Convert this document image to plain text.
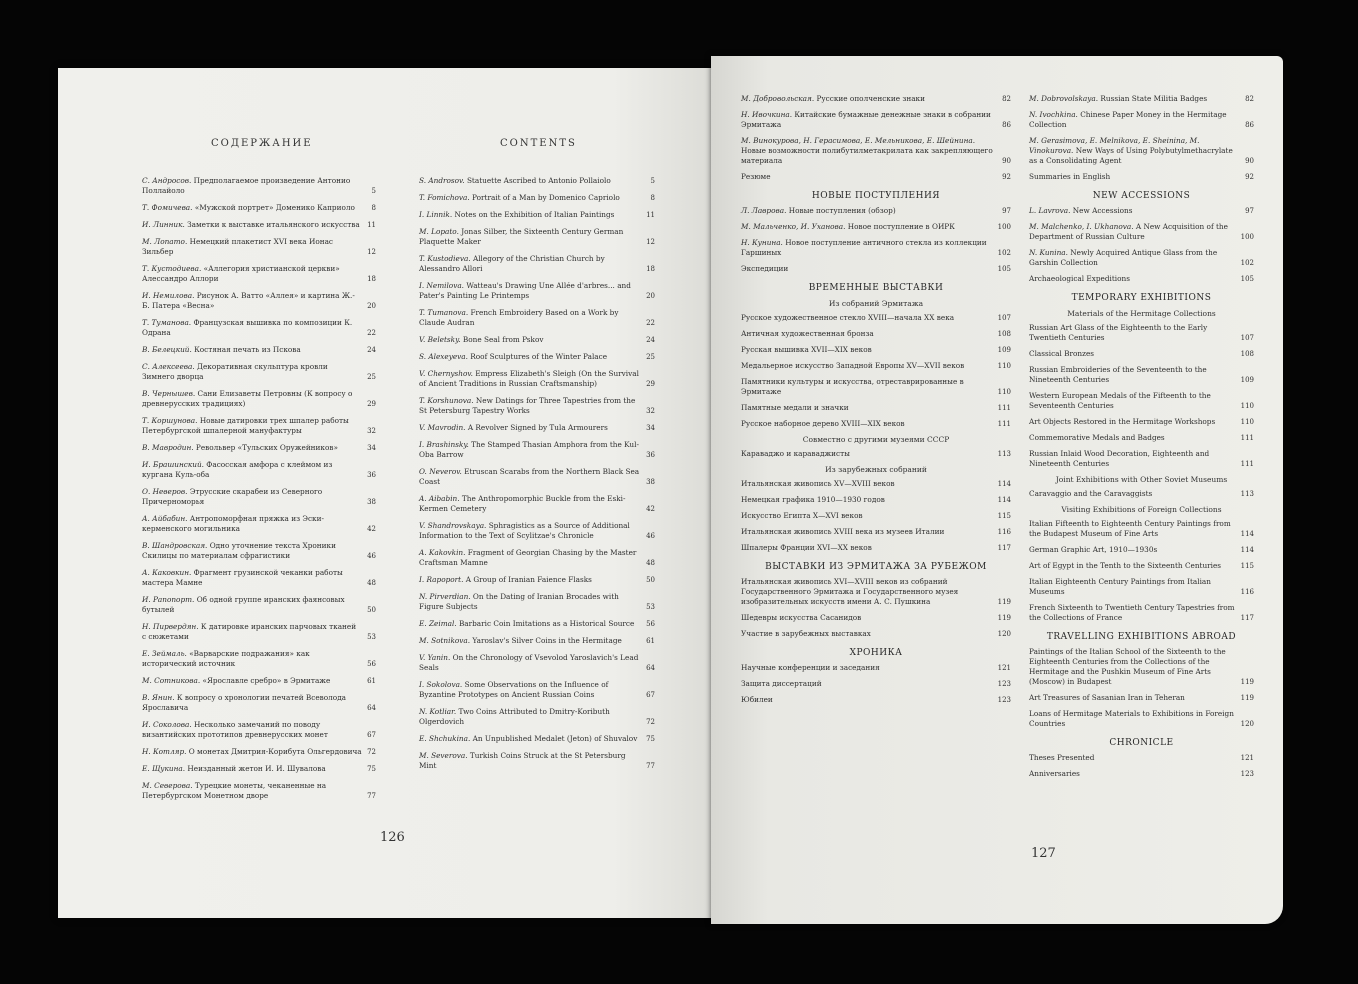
СОДЕРЖАНИЕ	CONTENTS
С. Андросов. Предполагаемое произведение Антонио Поллайоло	5
Т. Фомичева. «Мужской портрет» Доменико Каприоло 8
И. Линник. Заметки к выставке итальянского искусства 11
М. Лопато. Немецкий плакетист XVI века Ионас Зильбер	12
Т. Кустодиева. «Аллегория христианской церкви» Алессандро Аллори	18
И. Немилова. Рисунок А. Ватто «Аллея» и картина Ж.-Б. Патера «Весна»	20
Т. Туманова. Французская вышивка по композиции К. Одрана	22
В. Белецкий. Костяная печать из Пскова	24
С. Алексеева. Декоративная скульптура кровли Зимнего дворца	25
В. Чернышев. Сани Елизаветы Петровны (К вопросу о древнерусских традициях)	29
Т. Коршунова. Новые датировки трех шпалер работы Петербургской шпалерной мануфактуры	32
В. Мавродин. Револьвер «Тульских Оружейников»	34
И. Брашинский. Фасосская амфора с клеймом из кургана Куль-оба	36
О. Неверов. Этрусские скарабеи из Северного Причерноморья	38
А. Айбабин. Антропоморфная пряжка из Эски-керменского могильника	42
В. Шандровская. Одно уточнение текста Хроники Скилицы по материалам сфрагистики	46
А. Каковкин. Фрагмент грузинской чеканки работы мастера Мамне	48
И. Рапопорт. Об одной группе иранских фаянсовых бутылей	50
Н. Пирвердян. К датировке иранских парчовых тканей с сюжетами	53
Е. Зеймаль. «Варварские подражания» как исторический источник	56
М. Сотникова. «Ярославле сребро» в Эрмитаже	61
В. Янин. К вопросу о хронологии печатей Всеволода Ярославича	64
И. Соколова. Несколько замечаний по поводу византийских прототипов древнерусских монет	67
Н. Котляр. О монетах Дмитрия-Корибута Ольгердовича 72
Е. Щукина. Неизданный жетон И. И. Шувалова	75
М. Северова. Турецкие монеты, чеканенные на Петербургском Монетном дворе	77
S. Androsov. Statuette Ascribed to Antonio Pollaiolo	5
T. Fomichova. Portrait of a Man by Domenico Capriolo	8
I. Linnik. Notes on the Exhibition of Italian Paintings	11
M. Lopato. Jonas Silber, the Sixteenth Century German Plaquette Maker	12
T. Kustodieva. Allegory of the Christian Church by Alessandro Allori	18
I. Nemilova. Watteau's Drawing Une Allée d'arbres... and Pater's Painting Le Printemps	20
T. Tumanova. French Embroidery Based on a Work by Claude Audran	22
V. Beletsky. Bone Seal from Pskov	24
S. Alexeyeva. Roof Sculptures of the Winter Palace	25
V. Chernyshov. Empress Elizabeth's Sleigh (On the Survival of Ancient Traditions in Russian Craftsmanship)	29
T. Korshunova. New Datings for Three Tapestries from the St Petersburg Tapestry Works	32
V. Mavrodin. A Revolver Signed by Tula Armourers	34
I. Brashinsky. The Stamped Thasian Amphora from the Kul-Oba Barrow	36
O. Neverov. Etruscan Scarabs from the Northern Black Sea Coast	38
A. Aibabin. The Anthropomorphic Buckle from the Eski-Kermen Cemetery	42
V. Shandrovskaya. Sphragistics as a Source of Additional Information to the Text of Scylitzae's Chronicle	46
A. Kakovkin. Fragment of Georgian Chasing by the Master Craftsman Mamne	48
I. Rapoport. A Group of Iranian Faience Flasks	50
N. Pirverdian. On the Dating of Iranian Brocades with Figure Subjects	53
E. Zeimal. Barbaric Coin Imitations as a Historical Source 56
M. Sotnikova. Yaroslav's Silver Coins in the Hermitage	61
V. Yanin. On the Chronology of Vsevolod Yaroslavich's Lead Seals	64
I. Sokolova. Some Observations on the Influence of Byzantine Prototypes on Ancient Russian Coins	67
N. Kotliar. Two Coins Attributed to Dmitry-Koributh Olgerdovich	72
E. Shchukina. An Unpublished Medalet (Jeton) of Shuvalov 75
M. Severova. Turkish Coins Struck at the St Petersburg Mint	77
126
М. Добровольская. Русские ополченские знаки	82
Н. Ивочкина. Китайские бумажные денежные знаки в собрании Эрмитажа	86
М. Винокурова, Н. Герасимова, Е. Мельникова, Е. Шейнина. Новые возможности полибутилметакрилата как закрепляющего материала	90
Резюме	92
НОВЫЕ ПОСТУПЛЕНИЯ
Л. Лаврова. Новые поступления (обзор)	97
М. Мальченко, И. Уханова. Новое поступление в ОИРК	100
Н. Кунина. Новое поступление античного стекла из коллекции Гаршиных	102
Экспедиции	105
ВРЕМЕННЫЕ ВЫСТАВКИ
Из собраний Эрмитажа
Русское художественное стекло XVIII—начала XX века	107
Античная художественная бронза	108
Русская вышивка XVII—XIX веков	109
Медальерное искусство Западной Европы XV—XVII веков	110
Памятники культуры и искусства, отреставрированные в Эрмитаже	110
Памятные медали и значки	111
Русское наборное дерево XVIII—XIX веков	111
Совместно с другими музеями СССР
Караваджо и караваджисты	113
Из зарубежных собраний
Итальянская живопись XV—XVIII веков	114
Немецкая графика 1910—1930 годов	114
Искусство Египта X—XVI веков	115
Итальянская живопись XVIII века из музеев Италии	116
Шпалеры Франции XVI—XX веков	117
ВЫСТАВКИ ИЗ ЭРМИТАЖА ЗА РУБЕЖОМ
Итальянская живопись XVI—XVIII веков из собраний Государственного Эрмитажа и Государственного музея изобразительных искусств имени А. С. Пушкина	119
Шедевры искусства Сасанидов	119
Участие в зарубежных выставках	120
ХРОНИКА
Научные конференции и заседания	121
Защита диссертаций	123
Юбилеи	123
M. Dobrovolskaya. Russian State Militia Badges	82
N. Ivochkina. Chinese Paper Money in the Hermitage Collection	86
M. Gerasimova, E. Melnikova, E. Sheinina, M. Vinokurova. New Ways of Using Polybutylmethacrylate as a Consolidating Agent	90
Summaries in English	92
NEW ACCESSIONS
L. Lavrova. New Accessions	97
M. Malchenko, I. Ukhanova. A New Acquisition of the Department of Russian Culture	100
N. Kunina. Newly Acquired Antique Glass from the Garshin Collection	102
Archaeological Expeditions	105
TEMPORARY EXHIBITIONS
Materials of the Hermitage Collections
Russian Art Glass of the Eighteenth to the Early Twentieth Centuries	107
Classical Bronzes	108
Russian Embroideries of the Seventeenth to the Nineteenth Centuries	109
Western European Medals of the Fifteenth to the Seventeenth Centuries	110
Art Objects Restored in the Hermitage Workshops	110
Commemorative Medals and Badges	111
Russian Inlaid Wood Decoration, Eighteenth and Nineteenth Centuries	111
Joint Exhibitions with Other Soviet Museums
Caravaggio and the Caravaggists	113
Visiting Exhibitions of Foreign Collections
Italian Fifteenth to Eighteenth Century Paintings from the Budapest Museum of Fine Arts	114
German Graphic Art, 1910—1930s	114
Art of Egypt in the Tenth to the Sixteenth Centuries	115
Italian Eighteenth Century Paintings from Italian Museums	116
French Sixteenth to Twentieth Century Tapestries from the Collections of France	117
TRAVELLING EXHIBITIONS ABROAD
Paintings of the Italian School of the Sixteenth to the Eighteenth Centuries from the Collections of the Hermitage and the Pushkin Museum of Fine Arts (Moscow) in Budapest	119
Art Treasures of Sasanian Iran in Teheran	119
Loans of Hermitage Materials to Exhibitions in Foreign Countries	120
CHRONICLE
Theses Presented	121
Anniversaries	123
127
